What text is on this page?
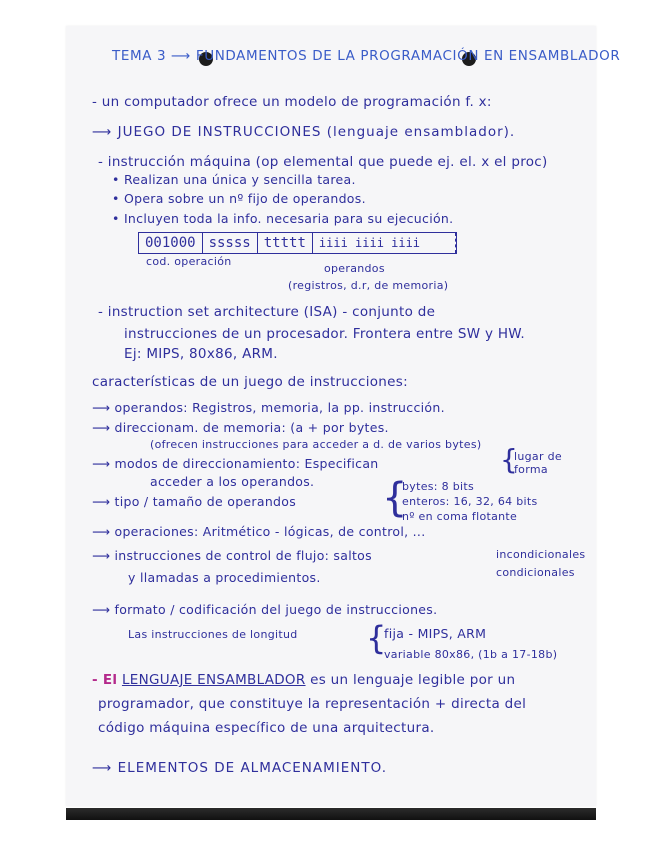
TEMA 3 ⟶ FUNDAMENTOS DE LA PROGRAMACIÓN EN ENSAMBLADOR
- un computador ofrece un modelo de programación f. x:
⟶ JUEGO DE INSTRUCCIONES (lenguaje ensamblador).
- instrucción máquina (op elemental que puede ej. el. x el proc)
• Realizan una única y sencilla tarea.
• Opera sobre un nº fijo de operandos.
• Incluyen toda la info. necesaria para su ejecución.
001000 sssss ttttt	iiii iiii iiii
cod. operación
operandos
(registros, d.r, de memoria)
- instruction set architecture (ISA) - conjunto de
instrucciones de un procesador. Frontera entre SW y HW.
Ej: MIPS, 80x86, ARM.
características de un juego de instrucciones:
⟶ operandos: Registros, memoria, la pp. instrucción.
⟶ direccionam. de memoria: (a + por bytes.
(ofrecen instrucciones para acceder a d. de varios bytes)
⟶ modos de direccionamiento: Especifican
acceder a los operandos.
{
lugar de forma
⟶ tipo / tamaño de operandos {
bytes: 8 bits
enteros: 16, 32, 64 bits
nº en coma flotante
⟶ operaciones: Aritmético - lógicas, de control, ...
⟶ instrucciones de control de flujo: saltos	incondicionales
condicionales
y llamadas a procedimientos.
⟶ formato / codificación del juego de instrucciones.
Las instrucciones de longitud {
fija - MIPS, ARM
variable 80x86, (1b a 17-18b)
- El LENGUAJE ENSAMBLADOR es un lenguaje legible por un
programador, que constituye la representación + directa del
código máquina específico de una arquitectura.
⟶ ELEMENTOS DE ALMACENAMIENTO.
